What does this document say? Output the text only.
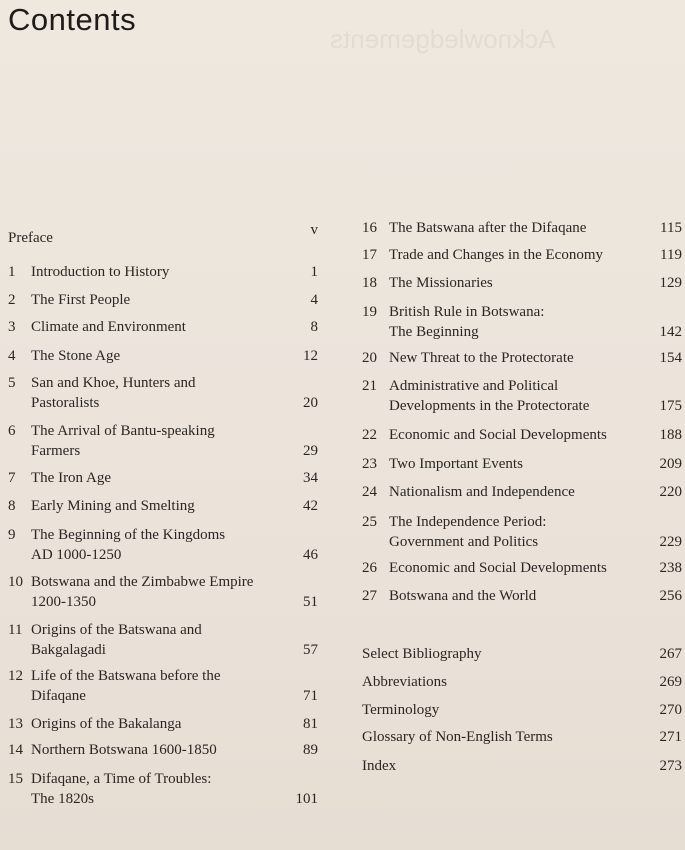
Acknowledgements
Contents
Preface	v
1 Introduction to History	1
2 The First People	4
3 Climate and Environment	8
4 The Stone Age	12
5 San and Khoe, Hunters and
Pastoralists	20
6 The Arrival of Bantu-speaking
Farmers	29
7 The Iron Age	34
8 Early Mining and Smelting	42
9 The Beginning of the Kingdoms
AD 1000-1250	46
10 Botswana and the Zimbabwe Empire
1200-1350	51
11 Origins of the Batswana and
Bakgalagadi	57
12 Life of the Batswana before the
Difaqane	71
13 Origins of the Bakalanga	81
14 Northern Botswana 1600-1850	89
15 Difaqane, a Time of Troubles:
The 1820s	101
16 The Batswana after the Difaqane	115
17 Trade and Changes in the Economy	119
18 The Missionaries	129
19 British Rule in Botswana:
The Beginning	142
20 New Threat to the Protectorate	154
21 Administrative and Political
Developments in the Protectorate	175
22 Economic and Social Developments	188
23 Two Important Events	209
24 Nationalism and Independence	220
25 The Independence Period:
Government and Politics	229
26 Economic and Social Developments	238
27 Botswana and the World	256
Select Bibliography	267
Abbreviations	269
Terminology	270
Glossary of Non-English Terms	271
Index	273
